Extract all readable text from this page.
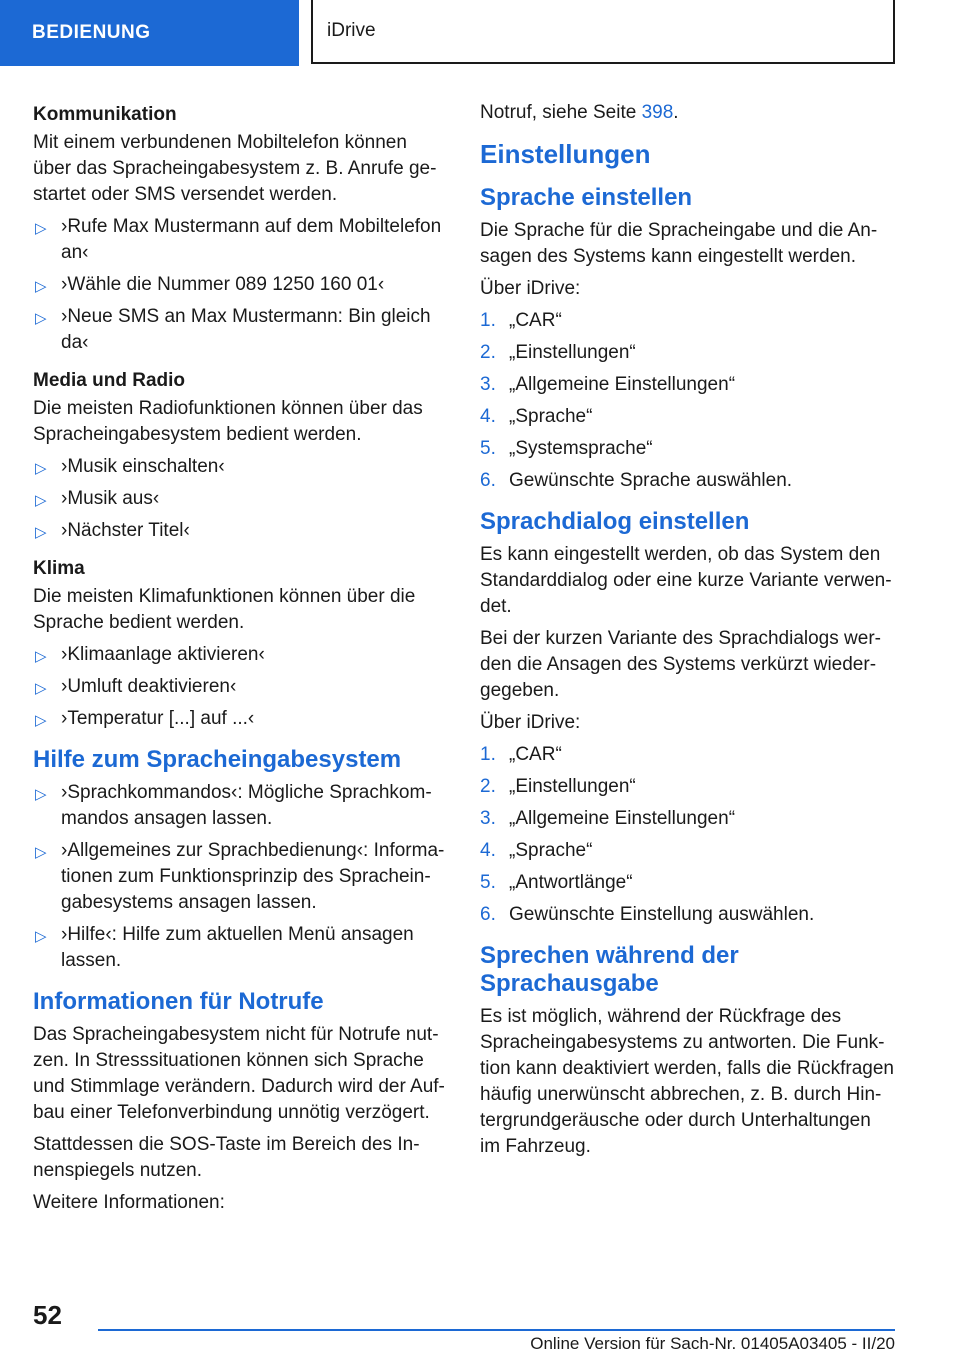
BEDIENUNG	iDrive
Kommunikation

Mit einem verbundenen Mobiltelefon können über das Spracheingabesystem z. B. Anrufe gestartet oder SMS versendet werden.

▷ ›Rufe Max Mustermann auf dem Mobiltelefon an‹
▷ ›Wähle die Nummer 089 1250 160 01‹
▷ ›Neue SMS an Max Mustermann: Bin gleich da‹
Media und Radio

Die meisten Radiofunktionen können über das Spracheingabesystem bedient werden.

▷ ›Musik einschalten‹
▷ ›Musik aus‹
▷ ›Nächster Titel‹
Klima

Die meisten Klimafunktionen können über die Sprache bedient werden.

▷ ›Klimaanlage aktivieren‹
▷ ›Umluft deaktivieren‹
▷ ›Temperatur [...] auf ...‹
Hilfe zum Spracheingabesystem
▷ ›Sprachkommandos‹: Mögliche Sprachkommandos ansagen lassen.
▷ ›Allgemeines zur Sprachbedienung‹: Informationen zum Funktionsprinzip des Spracheingabesystems ansagen lassen.
▷ ›Hilfe‹: Hilfe zum aktuellen Menü ansagen lassen.
Informationen für Notrufe

Das Spracheingabesystem nicht für Notrufe nutzen. In Stresssituationen können sich Sprache und Stimmlage verändern. Dadurch wird der Aufbau einer Telefonverbindung unnötig verzögert.

Stattdessen die SOS-Taste im Bereich des Innenspiegels nutzen.

Weitere Informationen:

Notruf, siehe Seite 398.

Einstellungen
Sprache einstellen

Die Sprache für die Spracheingabe und die Ansagen des Systems kann eingestellt werden.

Über iDrive:

1. „CAR“
2. „Einstellungen“
3. „Allgemeine Einstellungen“
4. „Sprache“
5. „Systemsprache“
6. Gewünschte Sprache auswählen.
Sprachdialog einstellen

Es kann eingestellt werden, ob das System den Standarddialog oder eine kurze Variante verwendet.

Bei der kurzen Variante des Sprachdialogs werden die Ansagen des Systems verkürzt wiedergegeben.

Über iDrive:

1. „CAR“
2. „Einstellungen“
3. „Allgemeine Einstellungen“
4. „Sprache“
5. „Antwortlänge“
6. Gewünschte Einstellung auswählen.
Sprechen während der
Sprachausgabe

Es ist möglich, während der Rückfrage des Spracheingabesystems zu antworten. Die Funktion kann deaktiviert werden, falls die Rückfragen häufig unerwünscht abbrechen, z. B. durch Hintergrundgeräusche oder durch Unterhaltungen im Fahrzeug.

52
Online Version für Sach-Nr. 01405A03405 - II/20
